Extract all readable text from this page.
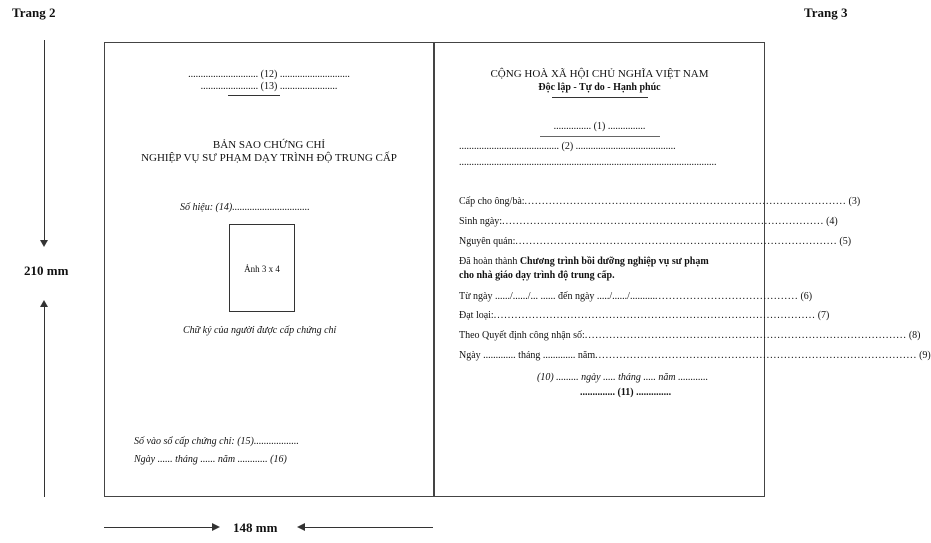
Trang 2	Trang 3
210 mm
148 mm
............................ (12) ............................
....................... (13) .......................
BẢN SAO CHỨNG CHỈ
NGHIỆP VỤ SƯ PHẠM DẠY TRÌNH ĐỘ TRUNG CẤP
Số hiệu: (14)...............................
Ảnh 3 x 4
Chữ ký của người được cấp chứng chỉ
Số vào sổ cấp chứng chỉ: (15)..................
Ngày ...... tháng ...... năm ............ (16)
CỘNG HOÀ XÃ HỘI CHỦ NGHĨA VIỆT NAM
Độc lập - Tự do - Hạnh phúc
............... (1) ...............
........................................ (2) ........................................
.......................................................................................................
Cấp cho ông/bà: ............................................................................................ (3)
Sinh ngày: ............................................................................................ (4)
Nguyên quán: ............................................................................................ (5)
Đã hoàn thành Chương trình bồi dưỡng nghiệp vụ sư phạm
cho nhà giáo dạy trình độ trung cấp.
Từ ngày ....../....../... ...... đến ngày ...../....../.......... ......................................... (6)
Đạt loại: ............................................................................................ (7)
Theo Quyết định công nhận số: ............................................................................................ (8)
Ngày ............. tháng ............. năm ............................................................................................ (9)
(10) ......... ngày ..... tháng ..... năm ............
.............. (11) ..............
